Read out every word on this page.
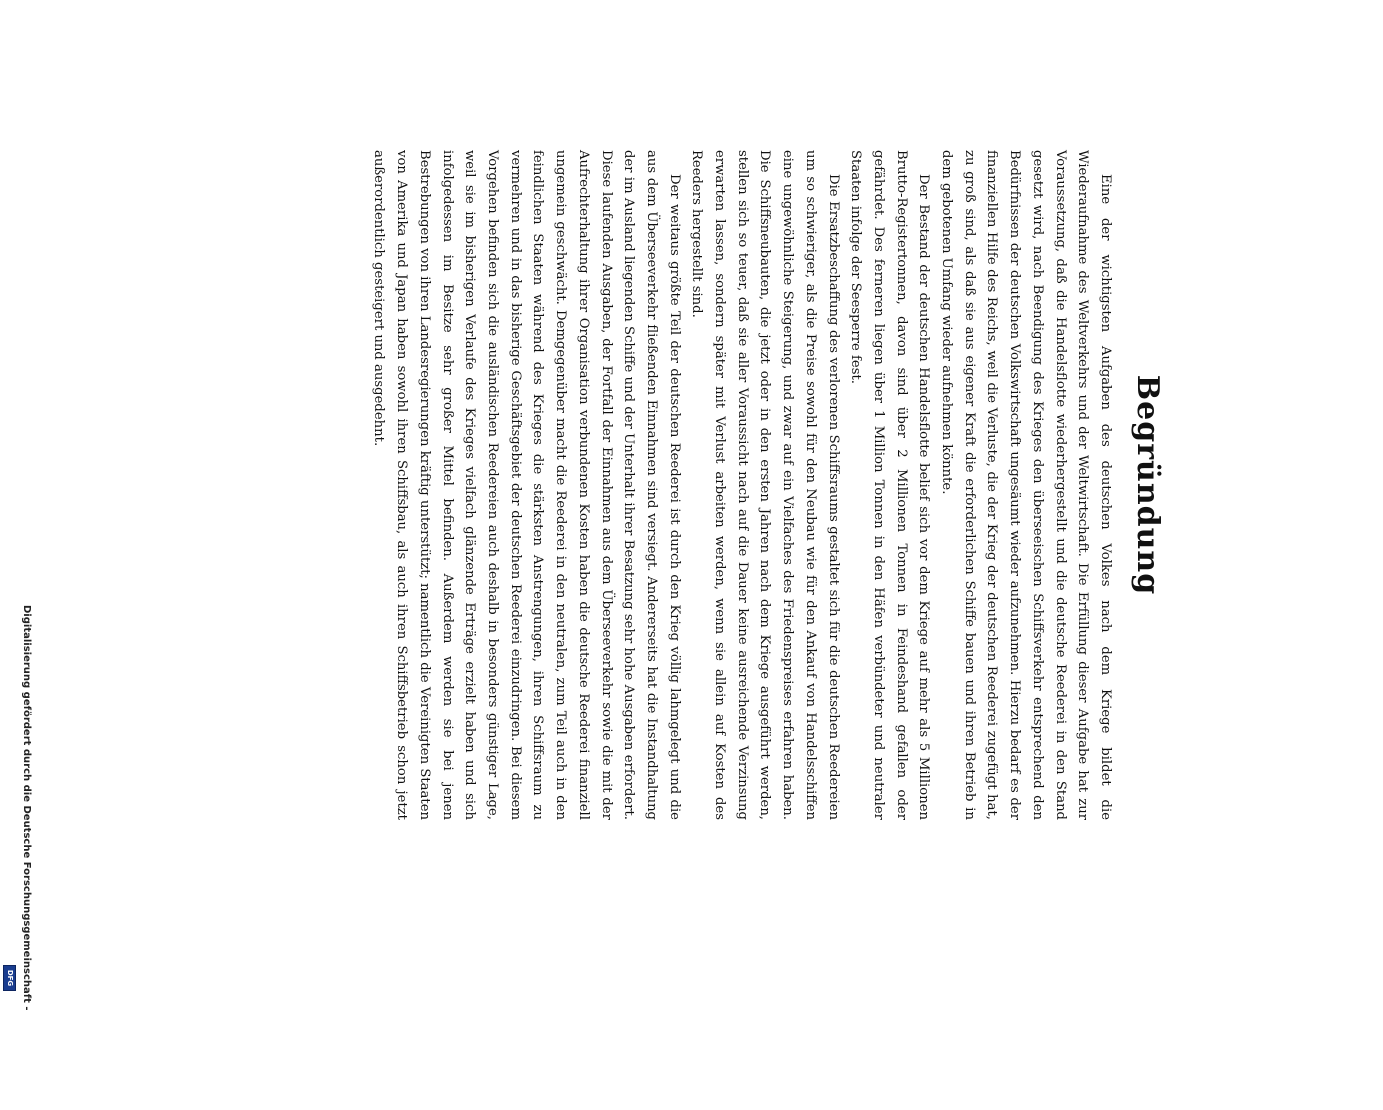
Begründung

Eine der wichtigsten Aufgaben des deutschen Volkes nach dem Kriege bildet die Wiederaufnahme des Weltverkehrs und der Weltwirtschaft. Die Erfüllung dieser Aufgabe hat zur Voraussetzung, daß die Handelsflotte wiederhergestellt und die deutsche Reederei in den Stand gesetzt wird, nach Beendigung des Krieges den überseeischen Schiffsverkehr entsprechend den Bedürfnissen der deutschen Volkswirtschaft ungesäumt wieder aufzunehmen. Hierzu bedarf es der finanziellen Hilfe des Reichs, weil die Verluste, die der Krieg der deutschen Reederei zugefügt hat, zu groß sind, als daß sie aus eigener Kraft die erforderlichen Schiffe bauen und ihren Betrieb in dem gebotenen Umfang wieder aufnehmen könnte.

Der Bestand der deutschen Handelsflotte belief sich vor dem Kriege auf mehr als 5 Millionen Brutto-Registertonnen, davon sind über 2 Millionen Tonnen in Feindeshand gefallen oder gefährdet. Des ferneren liegen über 1 Million Tonnen in den Häfen verbündeter und neutraler Staaten infolge der Seesperre fest.

Die Ersatzbeschaffung des verlorenen Schiffsraums gestaltet sich für die deutschen Reedereien um so schwieriger, als die Preise sowohl für den Neubau wie für den Ankauf von Handelsschiffen eine ungewöhnliche Steigerung, und zwar auf ein Vielfaches des Friedenspreises erfahren haben. Die Schiffsneubauten, die jetzt oder in den ersten Jahren nach dem Kriege ausgeführt werden, stellen sich so teuer, daß sie aller Voraussicht nach auf die Dauer keine ausreichende Verzinsung erwarten lassen, sondern später mit Verlust arbeiten werden, wenn sie allein auf Kosten des Reeders hergestellt sind.

Der weitaus größte Teil der deutschen Reederei ist durch den Krieg völlig lahmgelegt und die aus dem Überseeverkehr fließenden Einnahmen sind versiegt. Andererseits hat die Instandhaltung der im Ausland liegenden Schiffe und der Unterhalt ihrer Besatzung sehr hohe Ausgaben erfordert. Diese laufenden Ausgaben, der Fortfall der Einnahmen aus dem Überseeverkehr sowie die mit der Aufrechterhaltung ihrer Organisation verbundenen Kosten haben die deutsche Reederei finanziell ungemein geschwächt. Demgegenüber macht die Reederei in den neutralen, zum Teil auch in den feindlichen Staaten während des Krieges die stärksten Anstrengungen, ihren Schiffsraum zu vermehren und in das bisherige Geschäftsgebiet der deutschen Reederei einzudringen. Bei diesem Vorgehen befinden sich die ausländischen Reedereien auch deshalb in besonders günstiger Lage, weil sie im bisherigen Verlaufe des Krieges vielfach glänzende Erträge erzielt haben und sich infolgedessen im Besitze sehr großer Mittel befinden. Außerdem werden sie bei jenen Bestrebungen von ihren Landesregierungen kräftig unterstützt; namentlich die Vereinigten Staaten von Amerika und Japan haben sowohl ihren Schiffsbau, als auch ihren Schiffsbetrieb schon jetzt außerordentlich gesteigert und ausgedehnt.

Digitalisierung gefördert durch die Deutsche Forschungsgemeinschaft -
DFG
